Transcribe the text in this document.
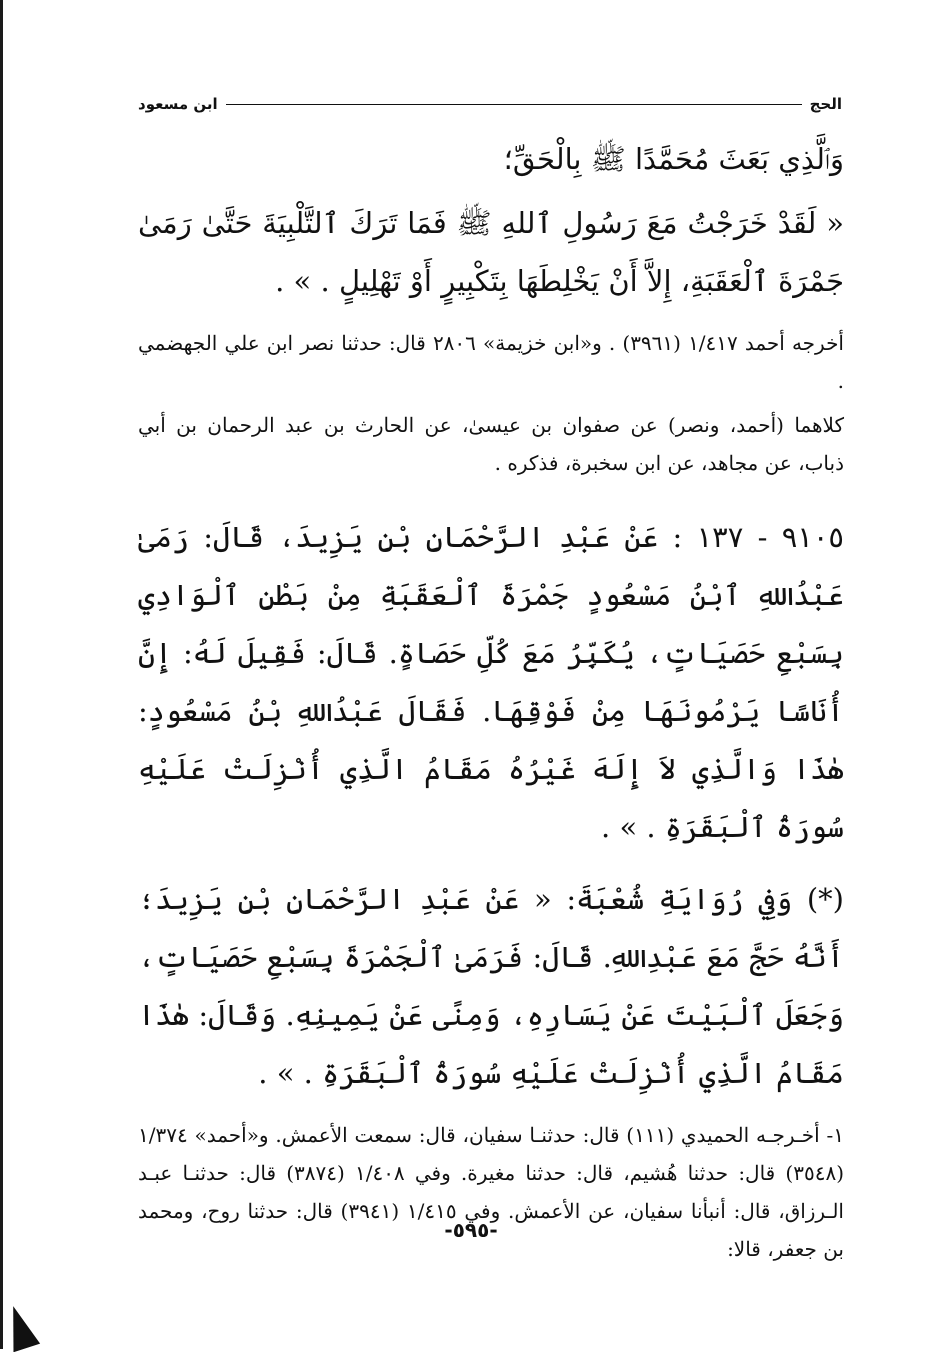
الحج
ابن مسعود

وَٱلَّذِي بَعَثَ مُحَمَّدًا ﷺ بِالْحَقِّ؛

« لَقَدْ خَرَجْتُ مَعَ رَسُولِ ٱللهِ ﷺ فَمَا تَرَكَ ٱلتَّلْبِيَةَ حَتَّىٰ رَمَىٰ جَمْرَةَ ٱلْعَقَبَةِ، إِلاَّ أَنْ يَخْلِطَهَا بِتَكْبِيرٍ أَوْ تَهْلِيلٍ . » .

أخرجه أحمد ١/٤١٧ (٣٩٦١) . و«ابن خزيمة» ٢٨٠٦ قال: حدثنا نصر ابن علي الجهضمي .

كلاهما (أحمد، ونصر) عن صفوان بن عيسىٰ، عن الحارث بن عبد الرحمان بن أبي ذباب، عن مجاهد، عن ابن سخبرة، فذكره .

٩١٠٥ - ١٣٧ : عَنْ عَبْدِ الرَّحْمَانِ بْنِ يَزِيدَ، قَالَ: رَمَىٰ عَبْدُاللهِ ٱبْنُ مَسْعُودٍ جَمْرَةَ ٱلْعَقَبَةِ مِنْ بَطْنِ ٱلْوَادِي بِسَبْعِ حَصَيَاتٍ، يُكَبِّرُ مَعَ كُلِّ حَصَاةٍ. قَالَ: فَقِيلَ لَهُ: إِنَّ أُنَاسًا يَرْمُونَهَا مِنْ فَوْقِهَا. فَقَالَ عَبْدُاللهِ بْنُ مَسْعُودٍ: هٰذَا وَالَّذِي لاَ إِلَهَ غَيْرُهُ مَقَامُ الَّذِي أُنْزِلَتْ عَلَيْهِ سُورَةُ ٱلْبَقَرَةِ . » .

(*) وَفِي رُوَايَةِ شُعْبَةَ: « عَنْ عَبْدِ الرَّحْمَانِ بْنِ يَزِيدَ؛ أَنَّهُ حَجَّ مَعَ عَبْدِاللهِ. قَالَ: فَرَمَىٰ ٱلْجَمْرَةَ بِسَبْعِ حَصَيَاتٍ، وَجَعَلَ ٱلْبَيْتَ عَنْ يَسَارِهِ، وَمِنًى عَنْ يَمِينِهِ. وَقَالَ: هٰذَا مَقَامُ الَّذِي أُنْزِلَتْ عَلَيْهِ سُورَةُ ٱلْبَقَرَةِ . » .

١- أخـرجـه الحميدي (١١١) قال: حدثنـا سفيان، قال: سمعت الأعمش. و«أحمد» ١/٣٧٤ (٣٥٤٨) قال: حدثنا هُشيم، قال: حدثنا مغيرة. وفي ١/٤٠٨ (٣٨٧٤) قال: حدثنـا عبـد الـرزاق، قال: أنبأنا سفيان، عن الأعمش. وفي ١/٤١٥ (٣٩٤١) قال: حدثنا روح، ومحمد بن جعفر، قالا:

-٥٩٥-
